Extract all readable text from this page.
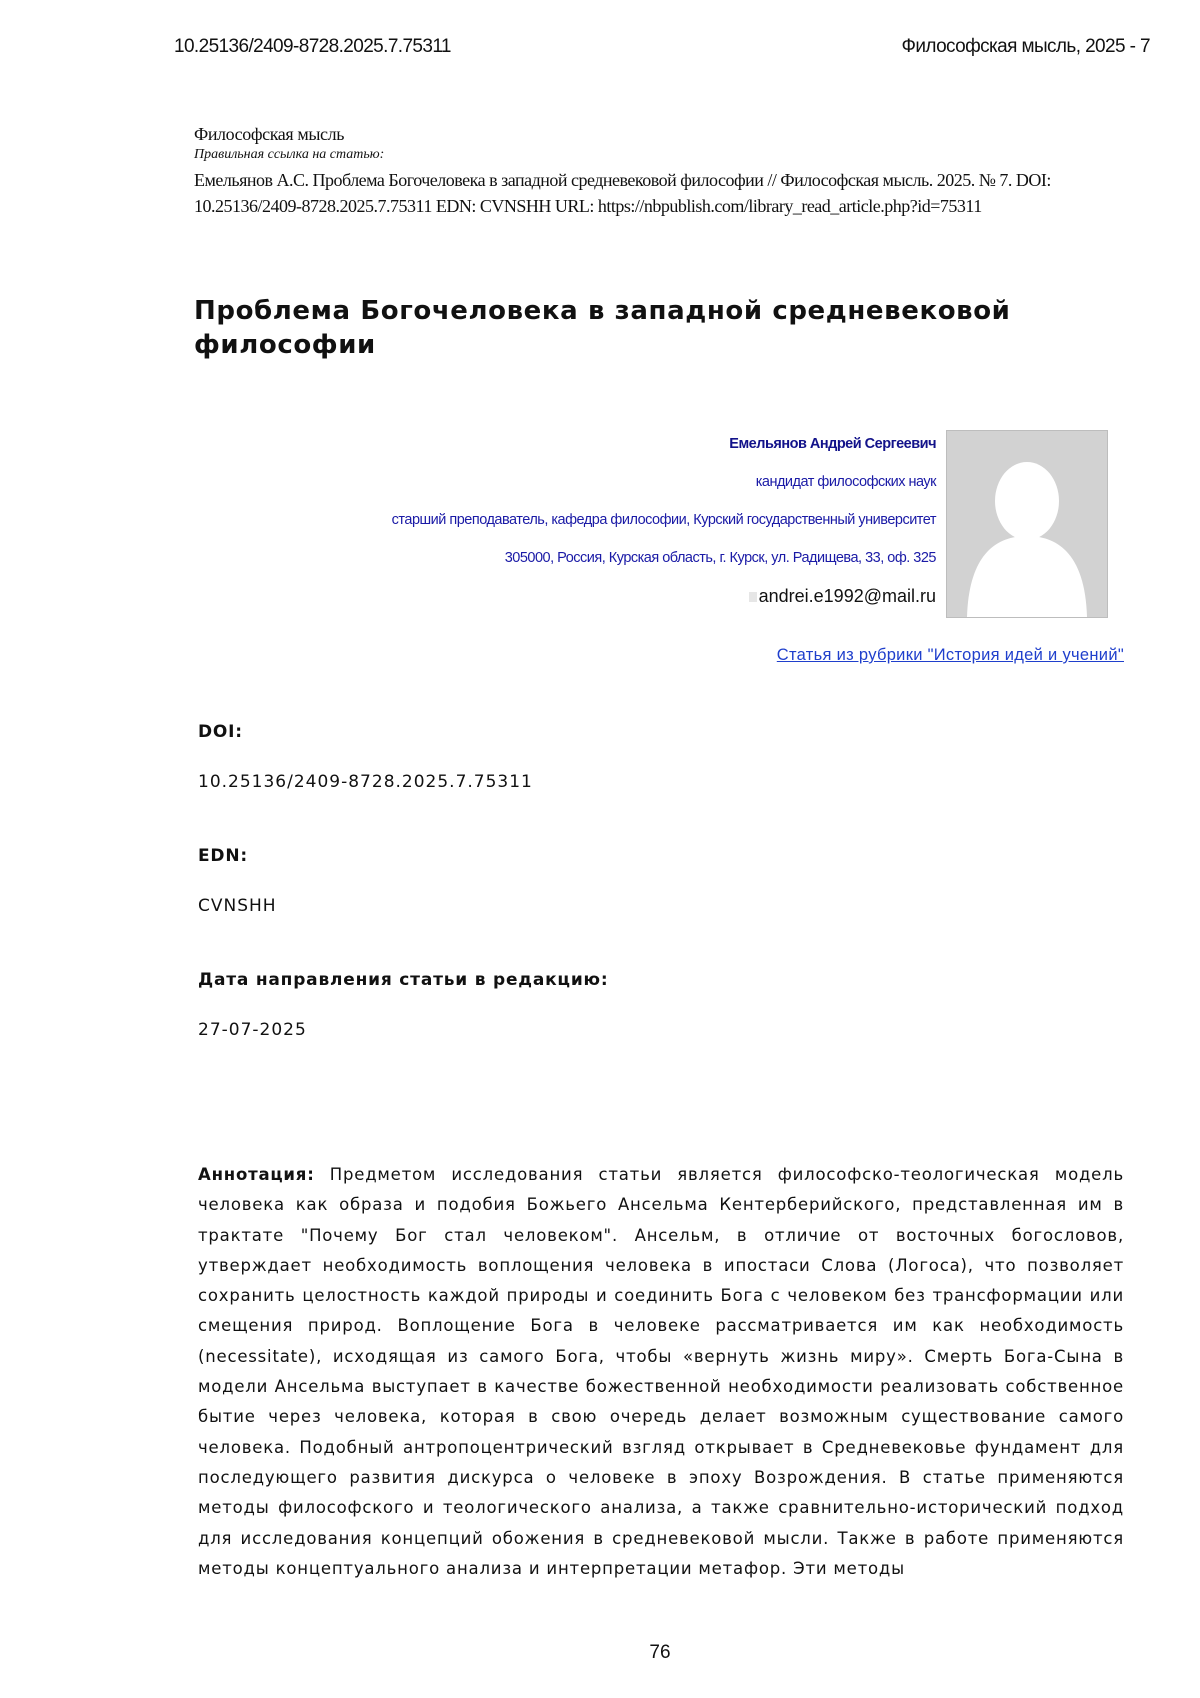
10.25136/2409-8728.2025.7.75311	Философская мысль, 2025 - 7
Философская мысль
Правильная ссылка на статью:
Емельянов А.С. Проблема Богочеловека в западной средневековой философии // Философская мысль. 2025. № 7. DOI: 10.25136/2409-8728.2025.7.75311 EDN: CVNSHH URL: https://nbpublish.com/library_read_article.php?id=75311
Проблема Богочеловека в западной средневековой философии
Емельянов Андрей Сергеевич
кандидат философских наук
старший преподаватель, кафедра философии, Курский государственный университет
305000, Россия, Курская область, г. Курск, ул. Радищева, 33, оф. 325
andrei.e1992@mail.ru
Статья из рубрики "История идей и учений"
DOI:
10.25136/2409-8728.2025.7.75311
EDN:
CVNSHH
Дата направления статьи в редакцию:
27-07-2025

Аннотация: Предметом исследования статьи является философско-теологическая модель человека как образа и подобия Божьего Ансельма Кентерберийского, представленная им в трактате "Почему Бог стал человеком". Ансельм, в отличие от восточных богословов, утверждает необходимость воплощения человека в ипостаси Слова (Логоса), что позволяет сохранить целостность каждой природы и соединить Бога с человеком без трансформации или смещения природ. Воплощение Бога в человеке рассматривается им как необходимость (necessitate), исходящая из самого Бога, чтобы «вернуть жизнь миру». Смерть Бога-Сына в модели Ансельма выступает в качестве божественной необходимости реализовать собственное бытие через человека, которая в свою очередь делает возможным существование самого человека. Подобный антропоцентрический взгляд открывает в Средневековье фундамент для последующего развития дискурса о человеке в эпоху Возрождения. В статье применяются методы философского и теологического анализа, а также сравнительно-исторический подход для исследования концепций обожения в средневековой мысли. Также в работе применяются методы концептуального анализа и интерпретации метафор. Эти методы

76
